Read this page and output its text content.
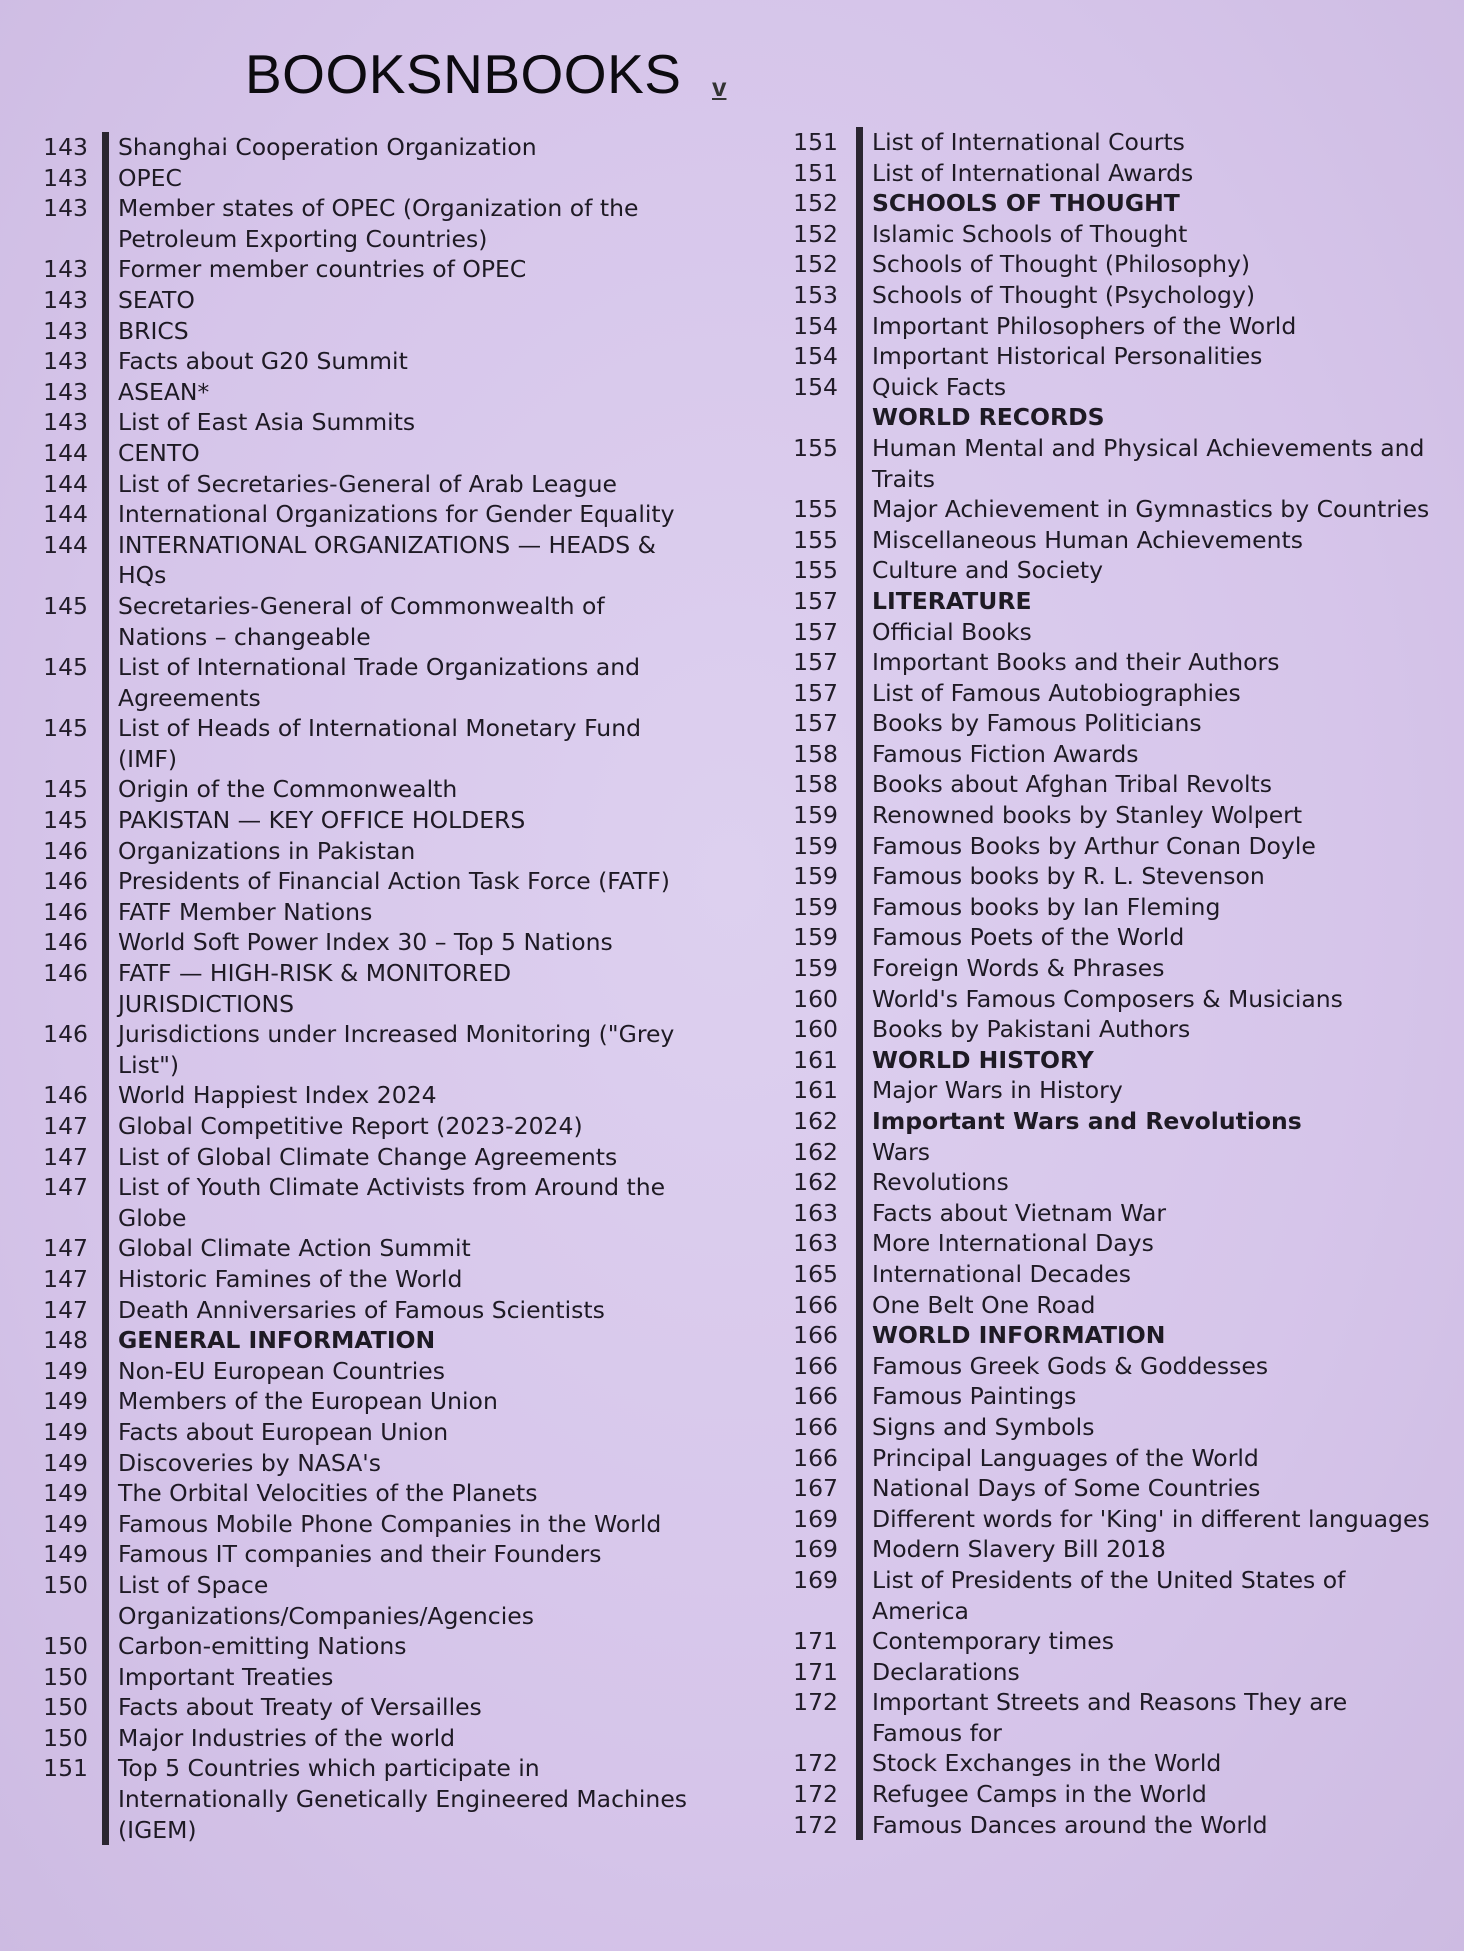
BOOKSNBOOKS v
143	Shanghai Cooperation Organization
143	OPEC
143	Member states of OPEC (Organization of the Petroleum Exporting Countries)
143	Former member countries of OPEC
143	SEATO
143	BRICS
143	Facts about G20 Summit
143	ASEAN*
143	List of East Asia Summits
144	CENTO
144	List of Secretaries-General of Arab League
144	International Organizations for Gender Equality
144	INTERNATIONAL ORGANIZATIONS — HEADS & HQs
145	Secretaries-General of Commonwealth of Nations – changeable
145	List of International Trade Organizations and Agreements
145	List of Heads of International Monetary Fund (IMF)
145	Origin of the Commonwealth
145	PAKISTAN — KEY OFFICE HOLDERS
146	Organizations in Pakistan
146	Presidents of Financial Action Task Force (FATF)
146	FATF Member Nations
146	World Soft Power Index 30 – Top 5 Nations
146	FATF — HIGH-RISK & MONITORED JURISDICTIONS
146	Jurisdictions under Increased Monitoring ("Grey List")
146	World Happiest Index 2024
147	Global Competitive Report (2023-2024)
147	List of Global Climate Change Agreements
147	List of Youth Climate Activists from Around the Globe
147	Global Climate Action Summit
147	Historic Famines of the World
147	Death Anniversaries of Famous Scientists
148	GENERAL INFORMATION
149	Non-EU European Countries
149	Members of the European Union
149	Facts about European Union
149	Discoveries by NASA's
149	The Orbital Velocities of the Planets
149	Famous Mobile Phone Companies in the World
149	Famous IT companies and their Founders
150	List of Space Organizations/Companies/Agencies
150	Carbon-emitting Nations
150	Important Treaties
150	Facts about Treaty of Versailles
150	Major Industries of the world
151	Top 5 Countries which participate in Internationally Genetically Engineered Machines (IGEM)
151	List of International Courts
151	List of International Awards
152	SCHOOLS OF THOUGHT
152	Islamic Schools of Thought
152	Schools of Thought (Philosophy)
153	Schools of Thought (Psychology)
154	Important Philosophers of the World
154	Important Historical Personalities
154	Quick Facts
WORLD RECORDS
155	Human Mental and Physical Achievements and Traits
155	Major Achievement in Gymnastics by Countries
155	Miscellaneous Human Achievements
155	Culture and Society
157	LITERATURE
157	Official Books
157	Important Books and their Authors
157	List of Famous Autobiographies
157	Books by Famous Politicians
158	Famous Fiction Awards
158	Books about Afghan Tribal Revolts
159	Renowned books by Stanley Wolpert
159	Famous Books by Arthur Conan Doyle
159	Famous books by R. L. Stevenson
159	Famous books by Ian Fleming
159	Famous Poets of the World
159	Foreign Words & Phrases
160	World's Famous Composers & Musicians
160	Books by Pakistani Authors
161	WORLD HISTORY
161	Major Wars in History
162	Important Wars and Revolutions
162	Wars
162	Revolutions
163	Facts about Vietnam War
163	More International Days
165	International Decades
166	One Belt One Road
166	WORLD INFORMATION
166	Famous Greek Gods & Goddesses
166	Famous Paintings
166	Signs and Symbols
166	Principal Languages of the World
167	National Days of Some Countries
169	Different words for 'King' in different languages
169	Modern Slavery Bill 2018
169	List of Presidents of the United States of America
171	Contemporary times
171	Declarations
172	Important Streets and Reasons They are Famous for
172	Stock Exchanges in the World
172	Refugee Camps in the World
172	Famous Dances around the World
